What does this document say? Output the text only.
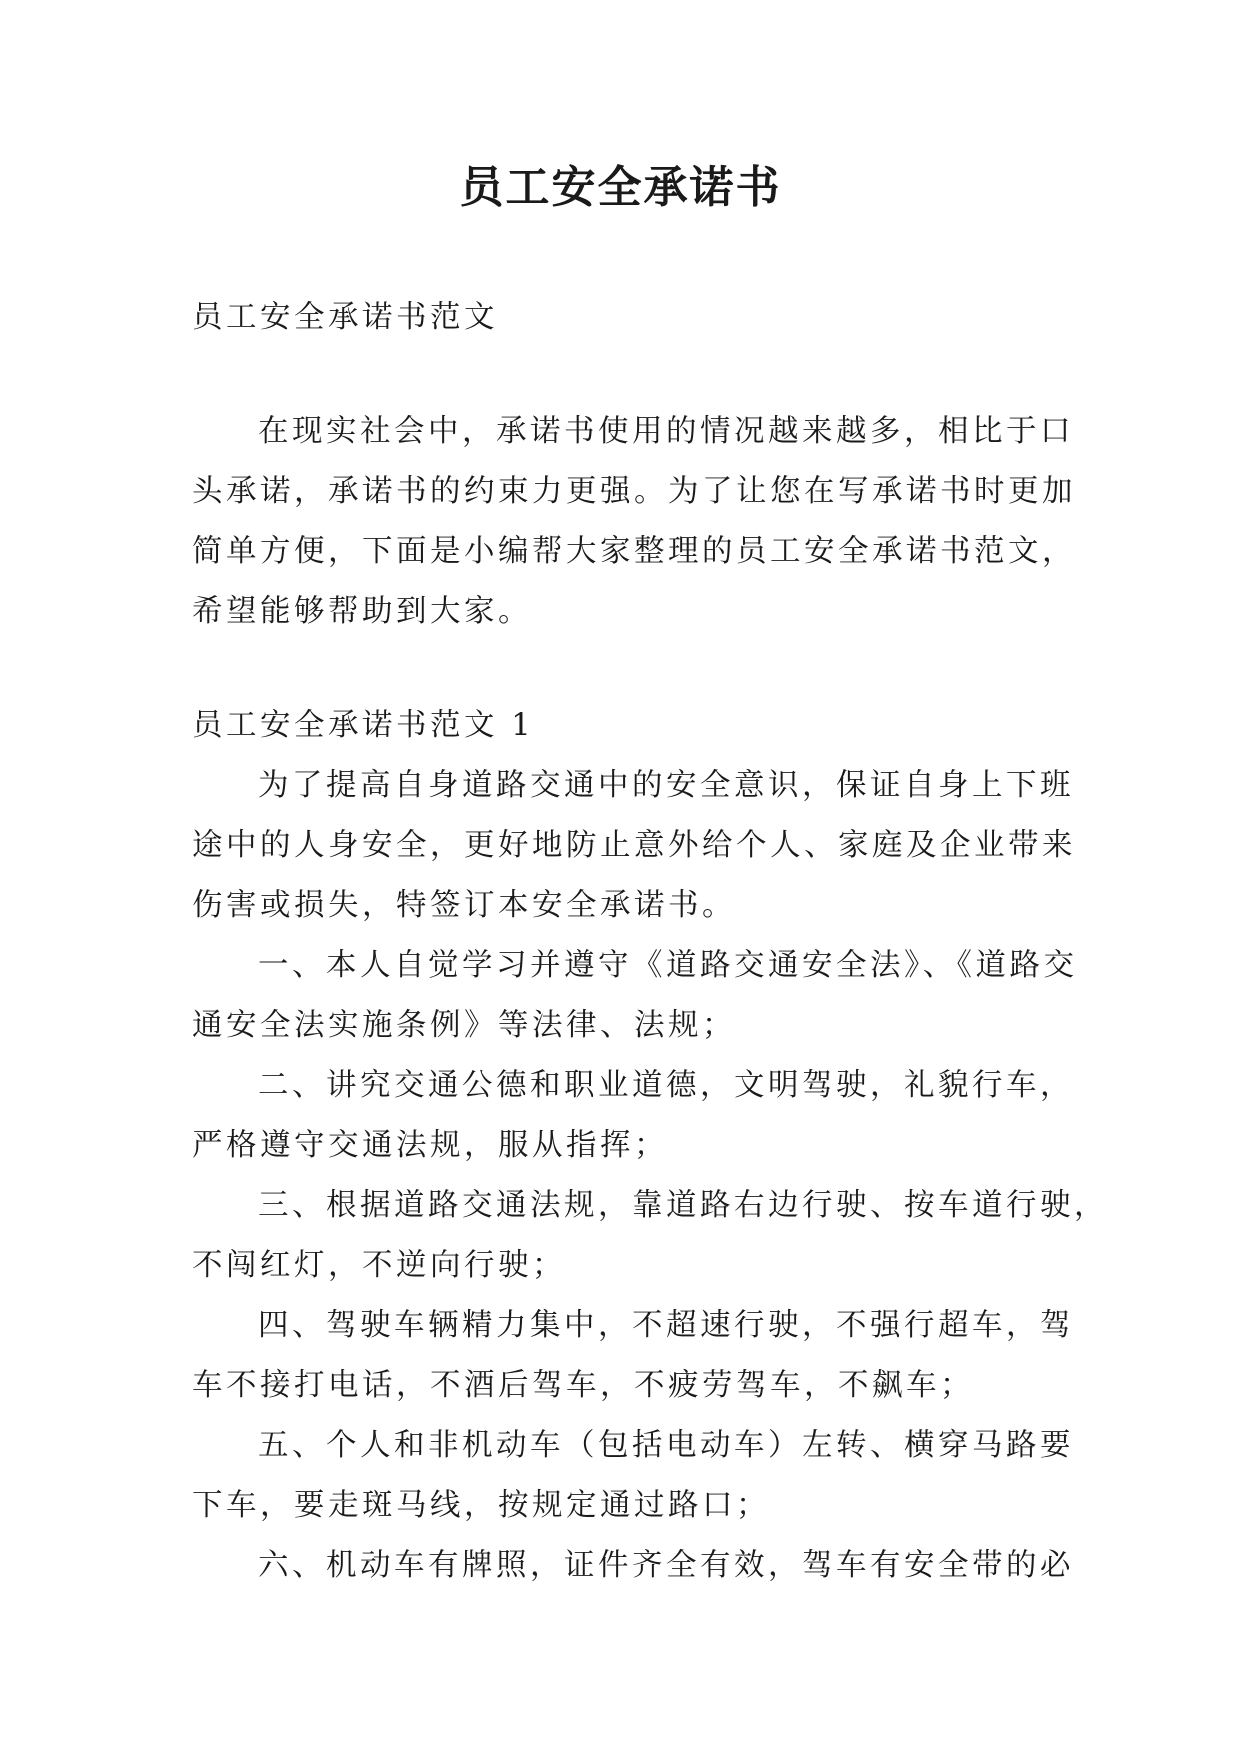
员工安全承诺书
员工安全承诺书范文
在现实社会中，承诺书使用的情况越来越多，相比于口
头承诺，承诺书的约束力更强。为了让您在写承诺书时更加
简单方便，下面是小编帮大家整理的员工安全承诺书范文，
希望能够帮助到大家。
员工安全承诺书范文 1
为了提高自身道路交通中的安全意识，保证自身上下班
途中的人身安全，更好地防止意外给个人、家庭及企业带来
伤害或损失，特签订本安全承诺书。
一、本人自觉学习并遵守《道路交通安全法》、《道路交
通安全法实施条例》等法律、法规；
二、讲究交通公德和职业道德，文明驾驶，礼貌行车，
严格遵守交通法规，服从指挥；
三、根据道路交通法规，靠道路右边行驶、按车道行驶，
不闯红灯，不逆向行驶；
四、驾驶车辆精力集中，不超速行驶，不强行超车，驾
车不接打电话，不酒后驾车，不疲劳驾车，不飙车；
五、个人和非机动车（包括电动车）左转、横穿马路要
下车，要走斑马线，按规定通过路口；
六、机动车有牌照，证件齐全有效，驾车有安全带的必
